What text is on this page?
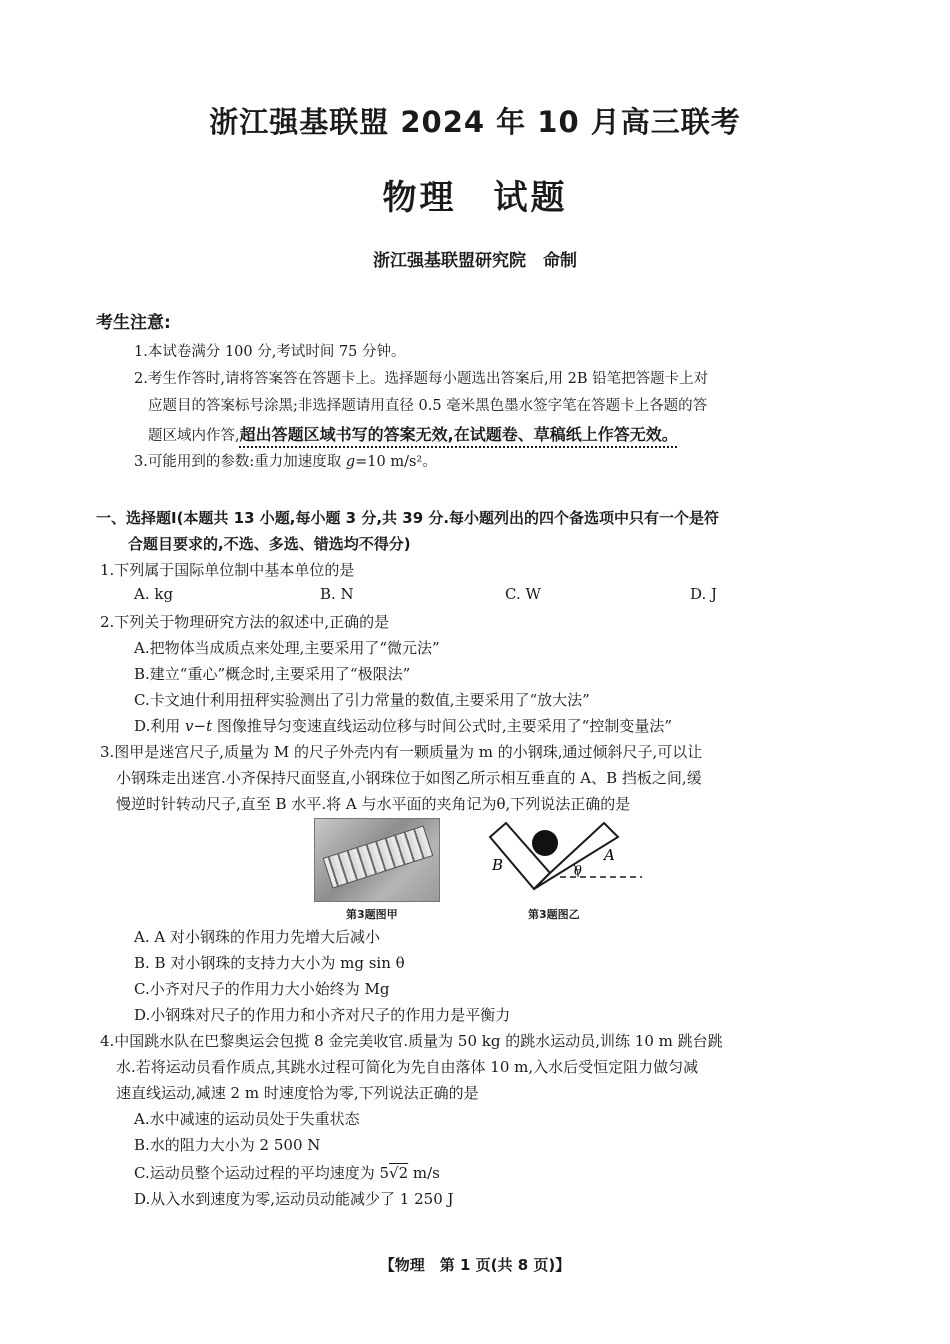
浙江强基联盟 2024 年 10 月高三联考
物理　试题
浙江强基联盟研究院　命制
考生注意:
1.本试卷满分 100 分,考试时间 75 分钟。
2.考生作答时,请将答案答在答题卡上。选择题每小题选出答案后,用 2B 铅笔把答题卡上对
应题目的答案标号涂黑;非选择题请用直径 0.5 毫米黑色墨水签字笔在答题卡上各题的答
题区域内作答,超出答题区域书写的答案无效,在试题卷、草稿纸上作答无效。
3.可能用到的参数:重力加速度取 g=10 m/s²。
一、选择题Ⅰ(本题共 13 小题,每小题 3 分,共 39 分.每小题列出的四个备选项中只有一个是符
合题目要求的,不选、多选、错选均不得分)
1.下列属于国际单位制中基本单位的是
A. kg	B. N	C. W	D. J
2.下列关于物理研究方法的叙述中,正确的是
A.把物体当成质点来处理,主要采用了“微元法”
B.建立“重心”概念时,主要采用了“极限法”
C.卡文迪什利用扭秤实验测出了引力常量的数值,主要采用了“放大法”
D.利用 v−t 图像推导匀变速直线运动位移与时间公式时,主要采用了“控制变量法”
3.图甲是迷宫尺子,质量为 M 的尺子外壳内有一颗质量为 m 的小钢珠,通过倾斜尺子,可以让
小钢珠走出迷宫.小齐保持尺面竖直,小钢珠位于如图乙所示相互垂直的 A、B 挡板之间,缓
慢逆时针转动尺子,直至 B 水平.将 A 与水平面的夹角记为θ,下列说法正确的是
第3题图甲
B
A
θ
第3题图乙
A. A 对小钢珠的作用力先增大后减小
B. B 对小钢珠的支持力大小为 mg sin θ
C.小齐对尺子的作用力大小始终为 Mg
D.小钢珠对尺子的作用力和小齐对尺子的作用力是平衡力
4.中国跳水队在巴黎奥运会包揽 8 金完美收官.质量为 50 kg 的跳水运动员,训练 10 m 跳台跳
水.若将运动员看作质点,其跳水过程可简化为先自由落体 10 m,入水后受恒定阻力做匀减
速直线运动,减速 2 m 时速度恰为零,下列说法正确的是
A.水中减速的运动员处于失重状态
B.水的阻力大小为 2 500 N
C.运动员整个运动过程的平均速度为 5√2 m/s
D.从入水到速度为零,运动员动能减少了 1 250 J
【物理　第 1 页(共 8 页)】
